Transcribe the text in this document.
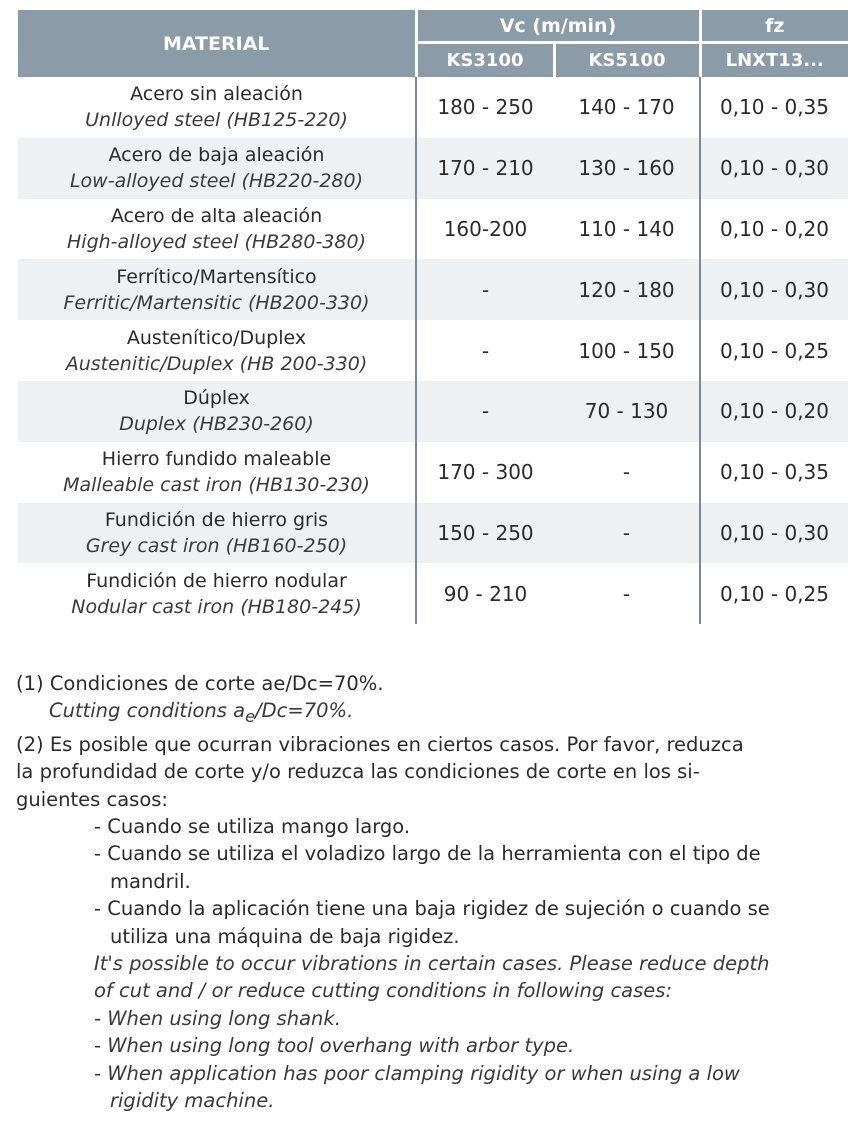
MATERIAL	Vc (m/min)		fz
	KS3100	KS5100	LNXT13...

Acero sin aleación
Unlloyed steel (HB125-220)	180 - 250	140 - 170	0,10 - 0,35

Acero de baja aleación
Low-alloyed steel (HB220-280)	170 - 210	130 - 160	0,10 - 0,30

Acero de alta aleación
High-alloyed steel (HB280-380)	160-200	110 - 140	0,10 - 0,20

Ferrítico/Martensítico
Ferritic/Martensitic (HB200-330)	-	120 - 180	0,10 - 0,30

Austenítico/Duplex
Austenitic/Duplex (HB 200-330)	-	100 - 150	0,10 - 0,25

Dúplex
Duplex (HB230-260)	-	70 - 130	0,10 - 0,20

Hierro fundido maleable
Malleable cast iron (HB130-230)	170 - 300	-	0,10 - 0,35

Fundición de hierro gris
Grey cast iron (HB160-250)	150 - 250	-	0,10 - 0,30

Fundición de hierro nodular
Nodular cast iron (HB180-245)	90 - 210	-	0,10 - 0,25

(1) Condiciones de corte ae/Dc=70%.

Cutting conditions $a_e/Dc=70\%$.

(2) Es posible que ocurran vibraciones en ciertos casos. Por favor, reduzca

la profundidad de corte y/o reduzca las condiciones de corte en los si-

guientes casos:

- Cuando se utiliza mango largo.

- Cuando se utiliza el voladizo largo de la herramienta con el tipo de
mandril.

- Cuando la aplicación tiene una baja rigidez de sujeción o cuando se
utiliza una máquina de baja rigidez.

It's possible to occur vibrations in certain cases. Please reduce depth

of cut and / or reduce cutting conditions in following cases:

- When using long shank.

- When using long tool overhang with arbor type.

- When application has poor clamping rigidity or when using a low
rigidity machine.
